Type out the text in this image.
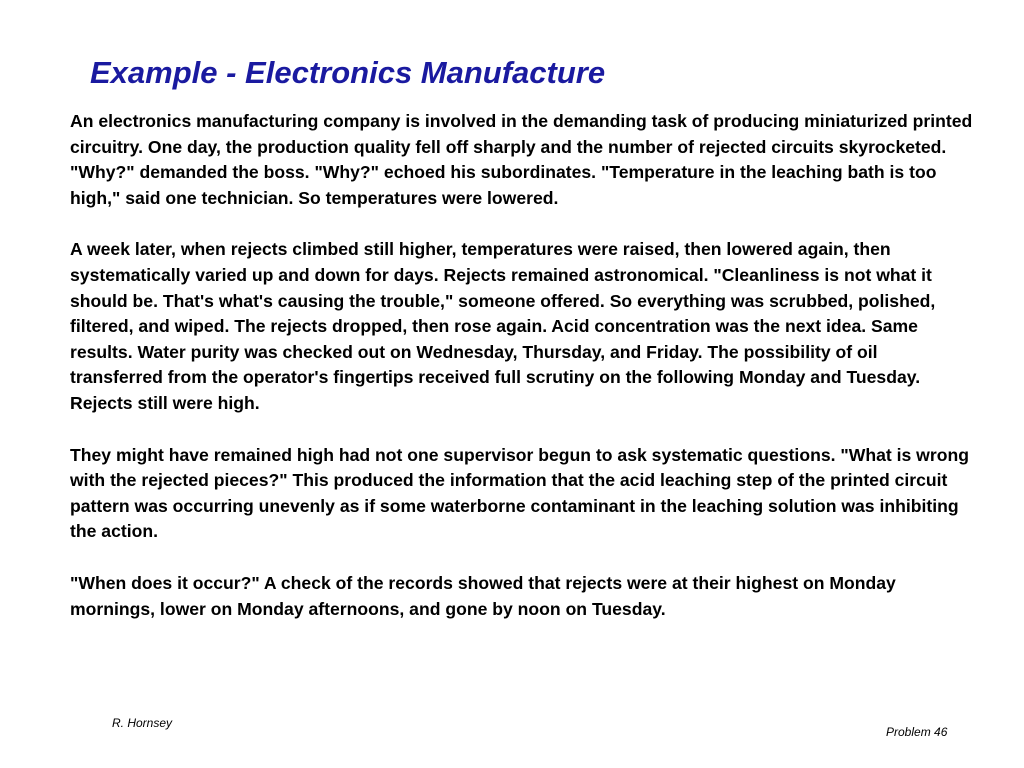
Example - Electronics Manufacture

An electronics manufacturing company is involved in the demanding task of producing miniaturized printed circuitry. One day, the production quality fell off sharply and the number of rejected circuits skyrocketed. "Why?" demanded the boss. "Why?" echoed his subordinates. "Temperature in the leaching bath is too high," said one technician. So temperatures were lowered.

A week later, when rejects climbed still higher, temperatures were raised, then lowered again, then systematically varied up and down for days. Rejects remained astronomical. "Cleanliness is not what it should be. That's what's causing the trouble," someone offered. So everything was scrubbed, polished, filtered, and wiped. The rejects dropped, then rose again. Acid concentration was the next idea. Same results. Water purity was checked out on Wednesday, Thursday, and Friday. The possibility of oil transferred from the operator's fingertips received full scrutiny on the following Monday and Tuesday. Rejects still were high.

They might have remained high had not one supervisor begun to ask systematic questions. "What is wrong with the rejected pieces?" This produced the information that the acid leaching step of the printed circuit pattern was occurring unevenly as if some waterborne contaminant in the leaching solution was inhibiting the action.

"When does it occur?" A check of the records showed that rejects were at their highest on Monday mornings, lower on Monday afternoons, and gone by noon on Tuesday.

R. Hornsey
Problem 46
